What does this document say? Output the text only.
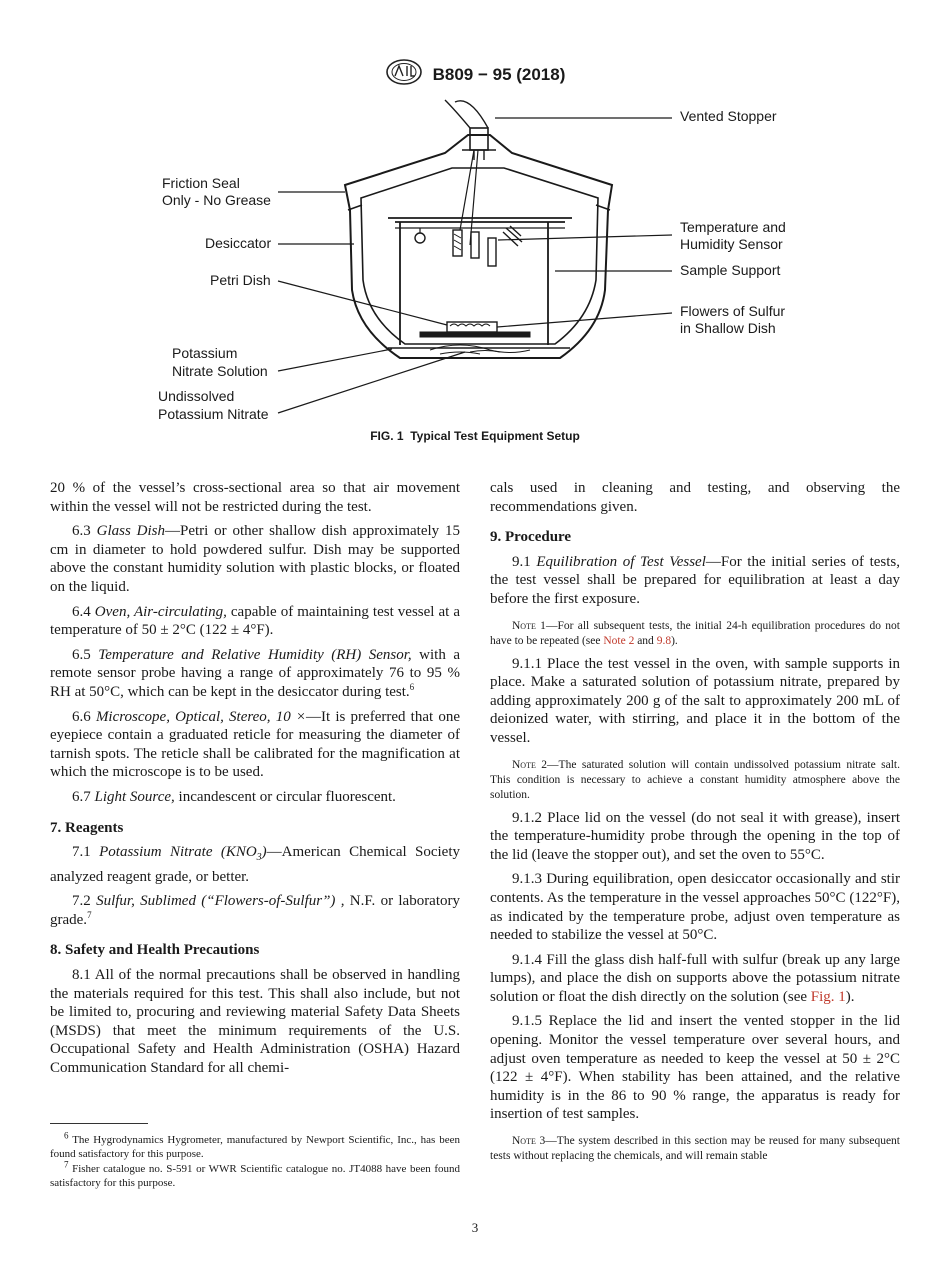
B809 − 95 (2018)
Vented Stopper
Friction Seal
Only - No Grease
Desiccator
Petri Dish
Temperature and
Humidity Sensor
Sample Support
Flowers of Sulfur
in Shallow Dish
Potassium
Nitrate Solution
Undissolved
Potassium Nitrate
FIG. 1 Typical Test Equipment Setup

20 % of the vessel’s cross-sectional area so that air movement within the vessel will not be restricted during the test.

6.3 Glass Dish—Petri or other shallow dish approximately 15 cm in diameter to hold powdered sulfur. Dish may be supported above the constant humidity solution with plastic blocks, or floated on the liquid.

6.4 Oven, Air-circulating, capable of maintaining test vessel at a temperature of 50 ± 2°C (122 ± 4°F).

6.5 Temperature and Relative Humidity (RH) Sensor, with a remote sensor probe having a range of approximately 76 to 95 % RH at 50°C, which can be kept in the desiccator during test.$^6$

6.6 Microscope, Optical, Stereo, 10 ×—It is preferred that one eyepiece contain a graduated reticle for measuring the diameter of tarnish spots. The reticle shall be calibrated for the magnification at which the microscope is to be used.

6.7 Light Source, incandescent or circular fluorescent.

7. Reagents

7.1 Potassium Nitrate $(KNO_3)—American$ Chemical Society analyzed reagent grade, or better.

7.2 Sulfur, Sublimed (“Flowers-of-Sulfur”) , N.F. or laboratory grade.$^7$

8. Safety and Health Precautions

8.1 All of the normal precautions shall be observed in handling the materials required for this test. This shall also include, but not be limited to, procuring and reviewing material Safety Data Sheets (MSDS) that meet the minimum requirements of the U.S. Occupational Safety and Health Administration (OSHA) Hazard Communication Standard for all chemi-

cals used in cleaning and testing, and observing the recommendations given.

9. Procedure

9.1 Equilibration of Test Vessel—For the initial series of tests, the test vessel shall be prepared for equilibration at least a day before the first exposure.

Note 1—For all subsequent tests, the initial 24-h equilibration procedures do not have to be repeated (see Note 2 and 9.8).

9.1.1 Place the test vessel in the oven, with sample supports in place. Make a saturated solution of potassium nitrate, prepared by adding approximately 200 g of the salt to approximately 200 mL of deionized water, with stirring, and place it in the bottom of the vessel.

Note 2—The saturated solution will contain undissolved potassium nitrate salt. This condition is necessary to achieve a constant humidity atmosphere above the solution.

9.1.2 Place lid on the vessel (do not seal it with grease), insert the temperature-humidity probe through the opening in the top of the lid (leave the stopper out), and set the oven to 55°C.

9.1.3 During equilibration, open desiccator occasionally and stir contents. As the temperature in the vessel approaches 50°C (122°F), as indicated by the temperature probe, adjust oven temperature as needed to stabilize the vessel at 50°C.

9.1.4 Fill the glass dish half-full with sulfur (break up any large lumps), and place the dish on supports above the potassium nitrate solution or float the dish directly on the solution (see Fig. 1).

9.1.5 Replace the lid and insert the vented stopper in the lid opening. Monitor the vessel temperature over several hours, and adjust oven temperature as needed to keep the vessel at 50 ± 2°C (122 ± 4°F). When stability has been attained, and the relative humidity is in the 86 to 90 % range, the apparatus is ready for insertion of test samples.

Note 3—The system described in this section may be reused for many subsequent tests without replacing the chemicals, and will remain stable

$^6$ The Hygrodynamics Hygrometer, manufactured by Newport Scientific, Inc., has been found satisfactory for this purpose.
$^7$ Fisher catalogue no. S-591 or WWR Scientific catalogue no. JT4088 have been found satisfactory for this purpose.
3
